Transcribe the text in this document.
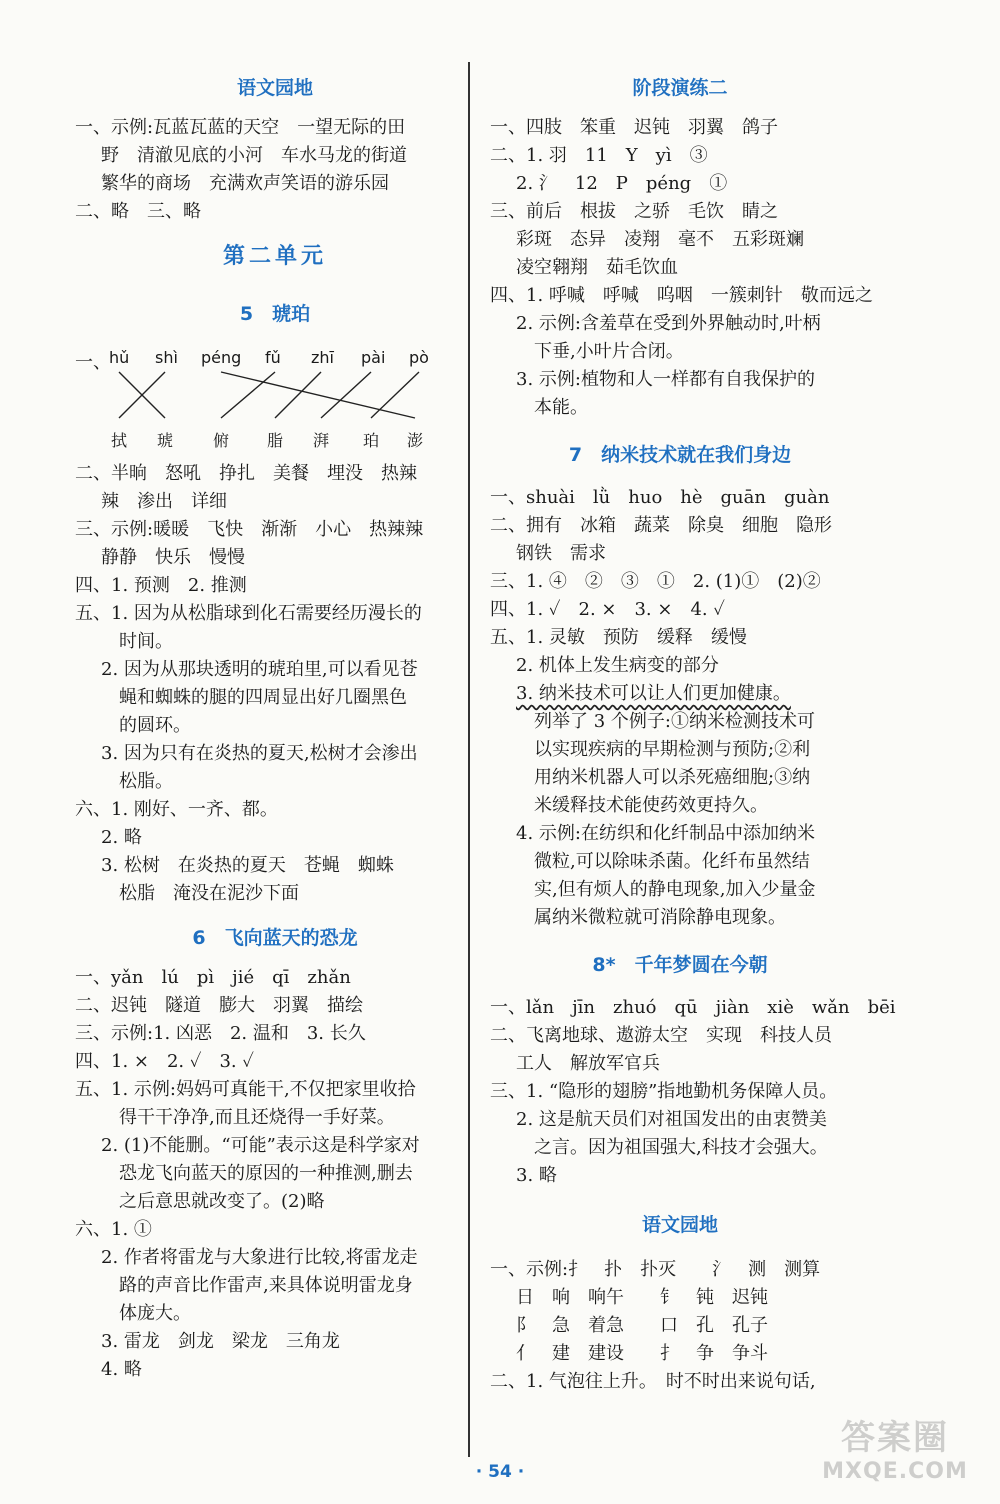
语文园地
一、示例:瓦蓝瓦蓝的天空　一望无际的田
野　清澈见底的小河　车水马龙的街道
繁华的商场　充满欢声笑语的游乐园
二、略　三、略
第二单元
5　琥珀
一、
hǔ shì péng fǔ zhī pài pò
拭 琥 俯 脂 湃 珀 澎
二、半晌　怒吼　挣扎　美餐　埋没　热辣
辣　渗出　详细
三、示例:暖暖　飞快　渐渐　小心　热辣辣
静静　快乐　慢慢
四、1. 预测　2. 推测
五、1. 因为从松脂球到化石需要经历漫长的
时间。
2. 因为从那块透明的琥珀里,可以看见苍
蝇和蜘蛛的腿的四周显出好几圈黑色
的圆环。
3. 因为只有在炎热的夏天,松树才会渗出
松脂。
六、1. 刚好、一齐、都。
2. 略
3. 松树　在炎热的夏天　苍蝇　蜘蛛
松脂　淹没在泥沙下面
6　飞向蓝天的恐龙
一、yǎn　lú　pì　jié　qī　zhǎn
二、迟钝　隧道　膨大　羽翼　描绘
三、示例:1. 凶恶　2. 温和　3. 长久
四、1. ×　2. ✓　3. ✓
五、1. 示例:妈妈可真能干,不仅把家里收拾
得干干净净,而且还烧得一手好菜。
2. (1)不能删。“可能”表示这是科学家对
恐龙飞向蓝天的原因的一种推测,删去
之后意思就改变了。(2)略
六、1. ①
2. 作者将雷龙与大象进行比较,将雷龙走
路的声音比作雷声,来具体说明雷龙身
体庞大。
3. 雷龙　剑龙　梁龙　三角龙
4. 略
阶段演练二
一、四肢　笨重　迟钝　羽翼　鸽子
二、1. 羽　11　Y　yì　③
2. 氵　12　P　péng　①
三、前后　根拔　之骄　毛饮　睛之
彩斑　态异　凌翔　毫不　五彩斑斓
凌空翱翔　茹毛饮血
四、1. 呼喊　呼喊　呜咽　一簇刺针　敬而远之
2. 示例:含羞草在受到外界触动时,叶柄
下垂,小叶片合闭。
3. 示例:植物和人一样都有自我保护的
本能。
7　纳米技术就在我们身边
一、shuài　lǜ　huo　hè　guān　guàn
二、拥有　冰箱　蔬菜　除臭　细胞　隐形
钢铁　需求
三、1. ④　②　③　①　2. (1)①　(2)②
四、1. ✓　2. ×　3. ×　4. ✓
五、1. 灵敏　预防　缓释　缓慢
2. 机体上发生病变的部分
3. 纳米技术可以让人们更加健康。
列举了 3 个例子:①纳米检测技术可
以实现疾病的早期检测与预防;②利
用纳米机器人可以杀死癌细胞;③纳
米缓释技术能使药效更持久。
4. 示例:在纺织和化纤制品中添加纳米
微粒,可以除味杀菌。化纤布虽然结
实,但有烦人的静电现象,加入少量金
属纳米微粒就可消除静电现象。
8*　千年梦圆在今朝
一、lǎn　jīn　zhuó　qū　jiàn　xiè　wǎn　bēi
二、飞离地球、遨游太空　实现　科技人员
工人　解放军官兵
三、1. “隐形的翅膀”指地勤机务保障人员。
2. 这是航天员们对祖国发出的由衷赞美
之言。因为祖国强大,科技才会强大。
3. 略
语文园地
一、示例:扌　扑　扑灭　　氵　测　测算
日　响　响午　　钅　钝　迟钝
阝　急　着急　　口　孔　孔子
亻　建　建设　　扌　争　争斗
二、1. 气泡往上升。　时不时出来说句话,
· 54 ·
答案圈
MXQE.COM
